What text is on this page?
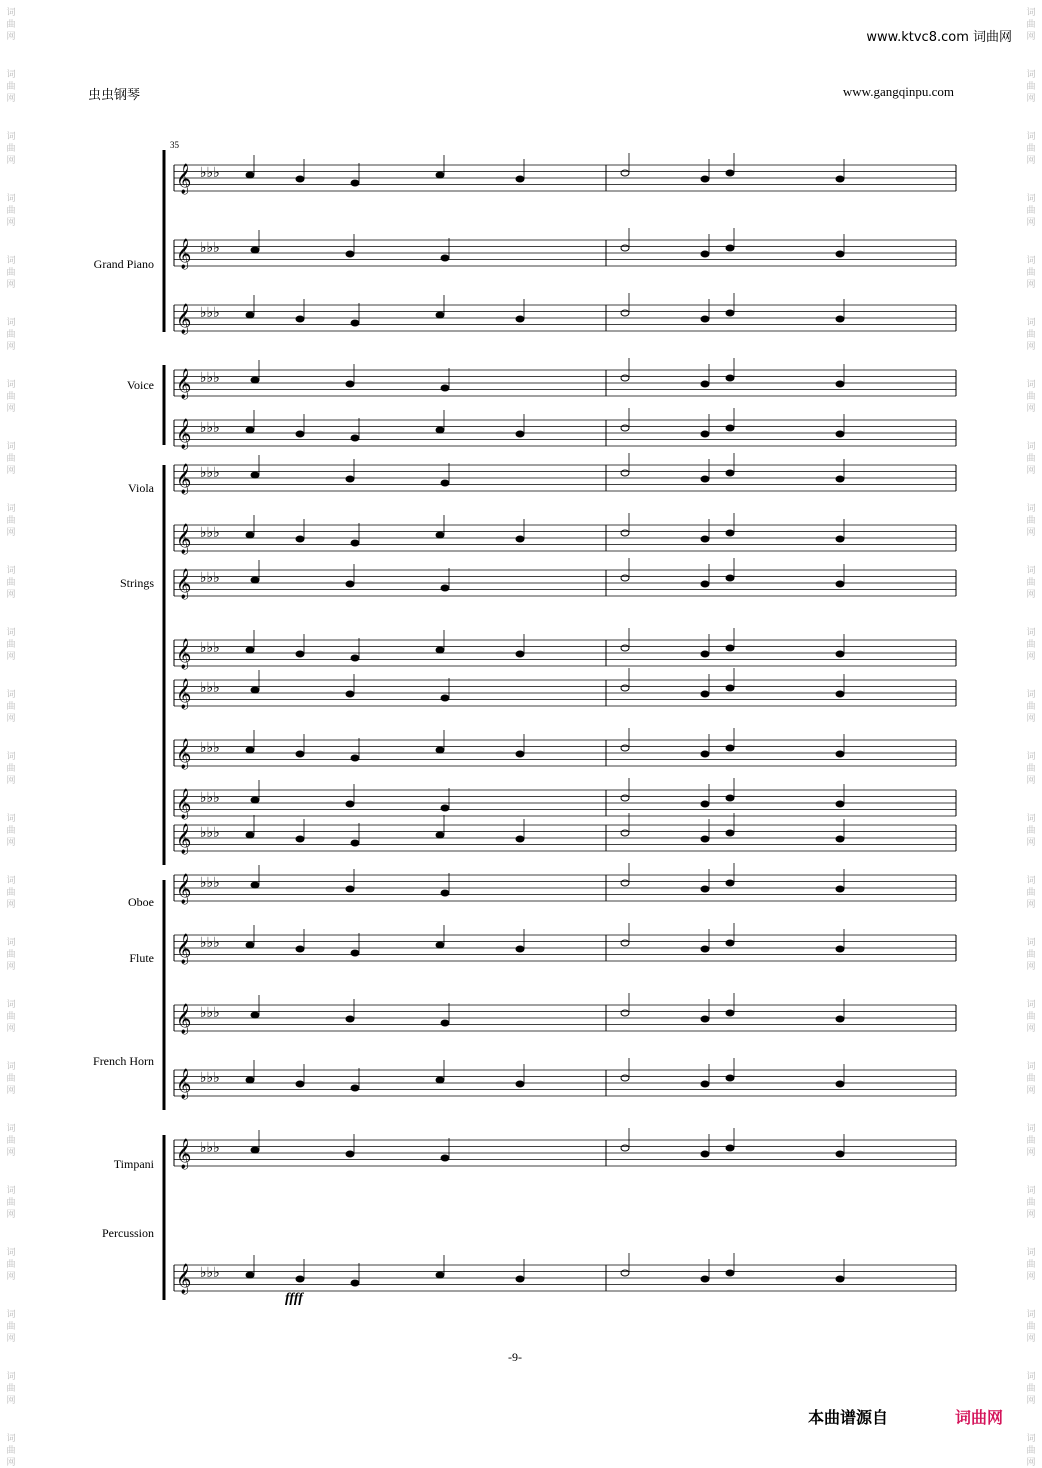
词
曲
网
词
曲
网
词
曲
网
词
曲
网
词
曲
网
词
曲
网
词
曲
网
词
曲
网
词
曲
网
词
曲
网
词
曲
网
词
曲
网
词
曲
网
词
曲
网
词
曲
网
词
曲
网
词
曲
网
词
曲
网
词
曲
网
词
曲
网
词
曲
网
词
曲
网
词
曲
网
词
曲
网
词
曲
网
词
曲
网
词
曲
网
词
曲
网
词
曲
网
词
曲
网
词
曲
网
词
曲
网
词
曲
网
词
曲
网
词
曲
网
词
曲
网
词
曲
网
词
曲
网
词
曲
网
词
曲
网
词
曲
网
词
曲
网
词
曲
网
词
曲
网
词
曲
网
词
曲
网
词
曲
网
词
曲
网
www.ktvc8.com 词曲网
虫虫钢琴	www.gangqinpu.com
35
Grand Piano
Voice
Viola
Strings
Oboe
Flute
French Horn
Timpani
Percussion
𝄞 ♭♭♭
𝄞 ♭♭♭
𝄞 ♭♭♭
𝄞 ♭♭♭
𝄞 ♭♭♭
𝄞 ♭♭♭
𝄞 ♭♭♭
𝄞 ♭♭♭
𝄞 ♭♭♭
𝄞 ♭♭♭
𝄞 ♭♭♭
𝄞 ♭♭♭
𝄞 ♭♭♭
𝄞 ♭♭♭
𝄞 ♭♭♭
𝄞 ♭♭♭
𝄞 ♭♭♭
𝄞 ♭♭♭
𝄞 ♭♭♭
ffff
-9-
本曲谱源自	词曲网
